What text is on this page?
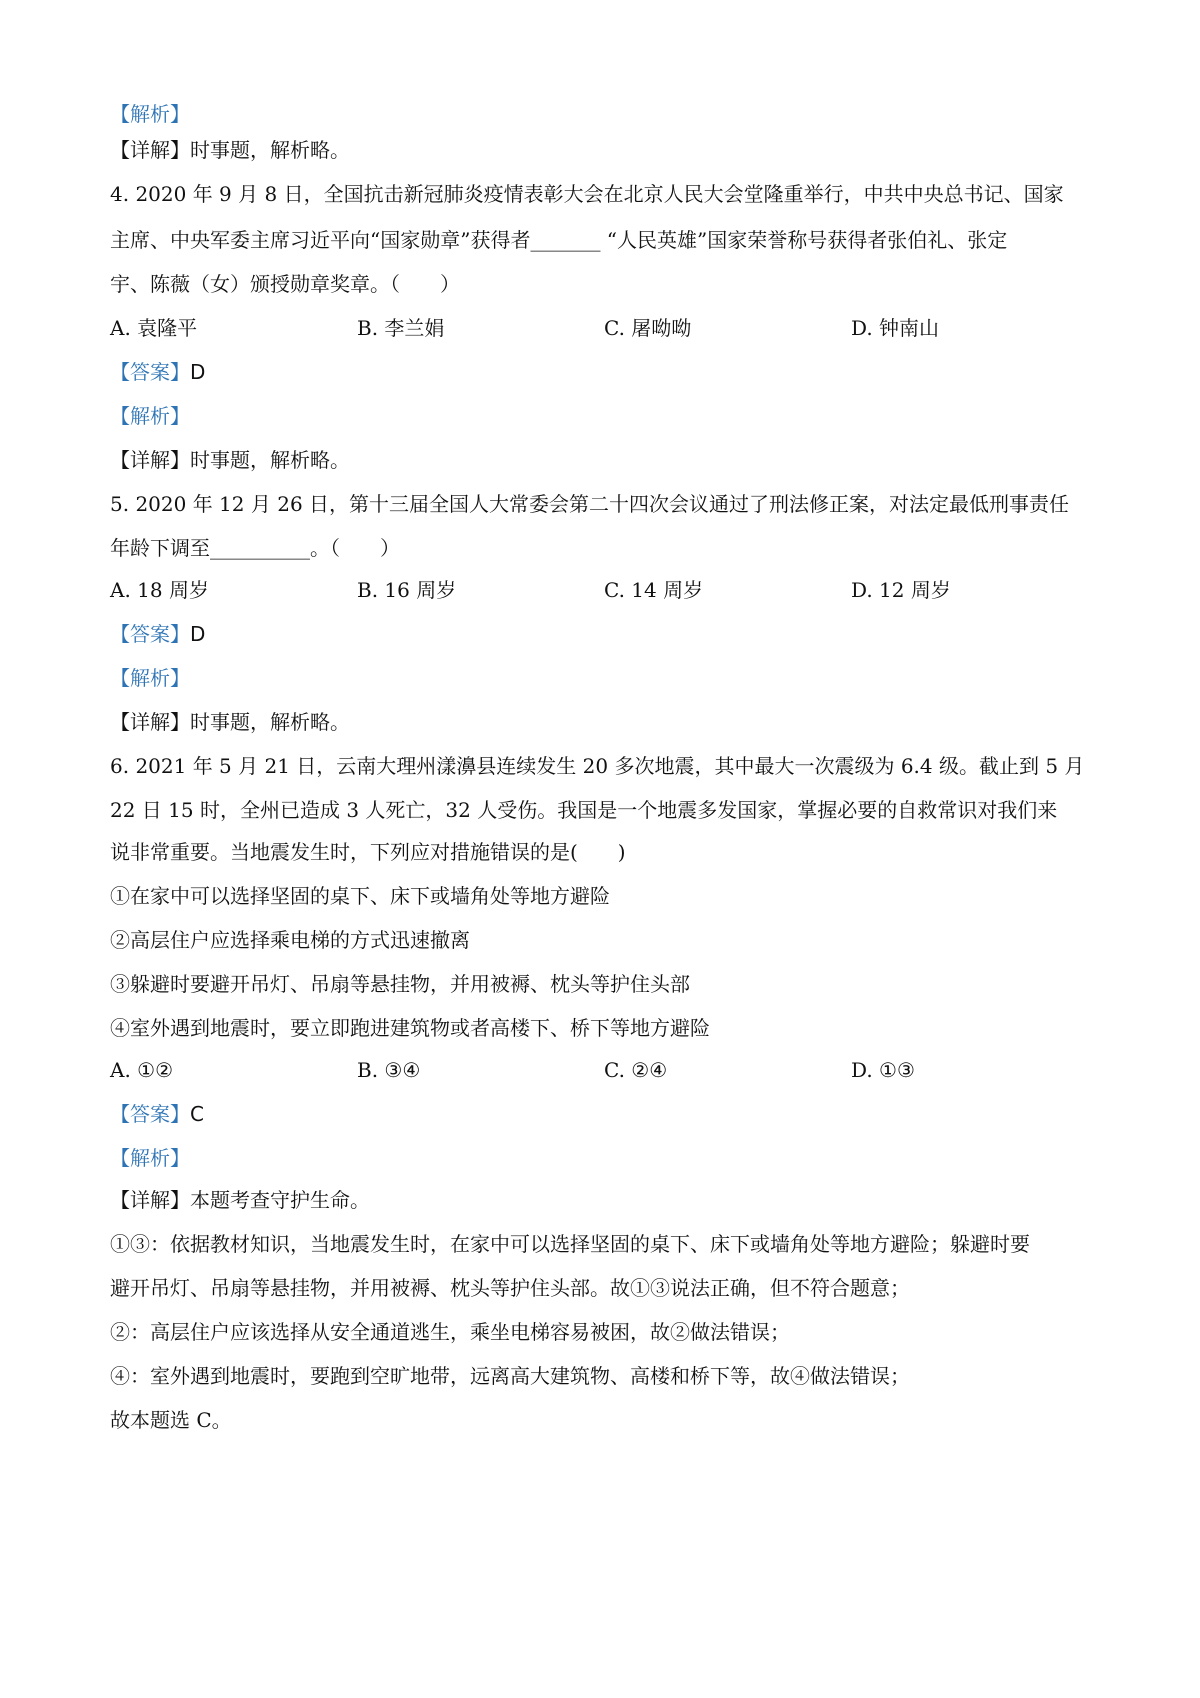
【解析】
【详解】时事题，解析略。
4. 2020 年 9 月 8 日，全国抗击新冠肺炎疫情表彰大会在北京人民大会堂隆重举行，中共中央总书记、国家
主席、中央军委主席习近平向“国家勋章”获得者_______ “人民英雄”国家荣誉称号获得者张伯礼、张定
宇、陈薇（女）颁授勋章奖章。（　　）
A. 袁隆平	B. 李兰娟	C. 屠呦呦	D. 钟南山
【答案】D
【解析】
【详解】时事题，解析略。
5. 2020 年 12 月 26 日，第十三届全国人大常委会第二十四次会议通过了刑法修正案，对法定最低刑事责任
年龄下调至__________。（　　）
A. 18 周岁	B. 16 周岁	C. 14 周岁	D. 12 周岁
【答案】D
【解析】
【详解】时事题，解析略。
6. 2021 年 5 月 21 日，云南大理州漾濞县连续发生 20 多次地震，其中最大一次震级为 6.4 级。截止到 5 月
22 日 15 时，全州已造成 3 人死亡，32 人受伤。我国是一个地震多发国家，掌握必要的自救常识对我们来
说非常重要。当地震发生时，下列应对措施错误的是(　　)
①在家中可以选择坚固的桌下、床下或墙角处等地方避险
②高层住户应选择乘电梯的方式迅速撤离
③躲避时要避开吊灯、吊扇等悬挂物，并用被褥、枕头等护住头部
④室外遇到地震时，要立即跑进建筑物或者高楼下、桥下等地方避险
A. ①②	B. ③④	C. ②④	D. ①③
【答案】C
【解析】
【详解】本题考查守护生命。
①③：依据教材知识，当地震发生时，在家中可以选择坚固的桌下、床下或墙角处等地方避险；躲避时要
避开吊灯、吊扇等悬挂物，并用被褥、枕头等护住头部。故①③说法正确，但不符合题意；
②：高层住户应该选择从安全通道逃生，乘坐电梯容易被困，故②做法错误；
④：室外遇到地震时，要跑到空旷地带，远离高大建筑物、高楼和桥下等，故④做法错误；
故本题选 C。
